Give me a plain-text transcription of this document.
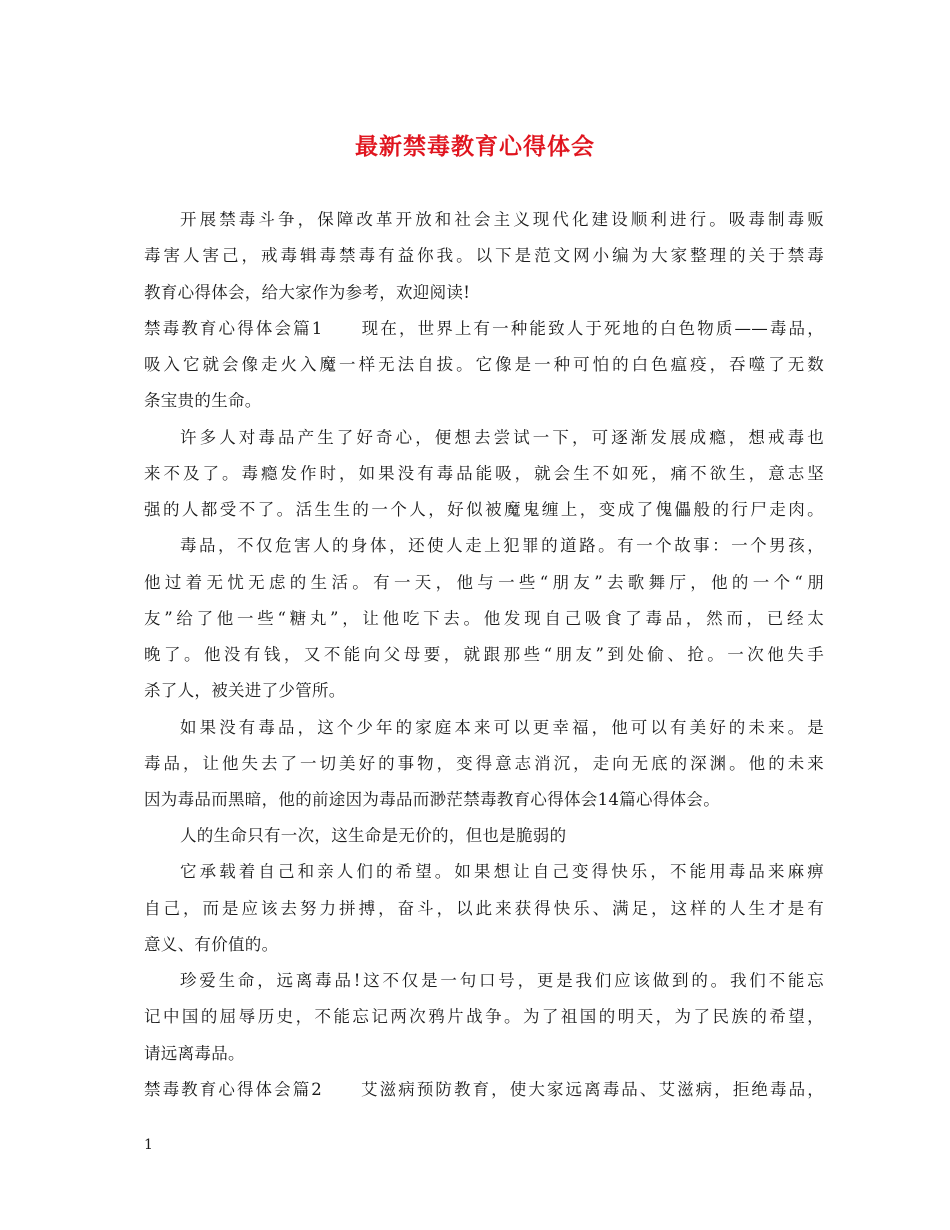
最新禁毒教育心得体会
开展禁毒斗争，保障改革开放和社会主义现代化建设顺利进行。吸毒制毒贩
毒害人害己，戒毒辑毒禁毒有益你我。以下是范文网小编为大家整理的关于禁毒
教育心得体会，给大家作为参考，欢迎阅读!
禁毒教育心得体会篇1　　现在，世界上有一种能致人于死地的白色物质——毒品，
吸入它就会像走火入魔一样无法自拔。它像是一种可怕的白色瘟疫，吞噬了无数
条宝贵的生命。
许多人对毒品产生了好奇心，便想去尝试一下，可逐渐发展成瘾，想戒毒也
来不及了。毒瘾发作时，如果没有毒品能吸，就会生不如死，痛不欲生，意志坚
强的人都受不了。活生生的一个人，好似被魔鬼缠上，变成了傀儡般的行尸走肉。
毒品，不仅危害人的身体，还使人走上犯罪的道路。有一个故事：一个男孩，
他过着无忧无虑的生活。有一天，他与一些“朋友”去歌舞厅，他的一个“朋
友”给了他一些“糖丸”，让他吃下去。他发现自己吸食了毒品，然而，已经太
晚了。他没有钱，又不能向父母要，就跟那些“朋友”到处偷、抢。一次他失手
杀了人，被关进了少管所。
如果没有毒品，这个少年的家庭本来可以更幸福，他可以有美好的未来。是
毒品，让他失去了一切美好的事物，变得意志消沉，走向无底的深渊。他的未来
因为毒品而黑暗，他的前途因为毒品而渺茫禁毒教育心得体会14篇心得体会。
人的生命只有一次，这生命是无价的，但也是脆弱的
它承载着自己和亲人们的希望。如果想让自己变得快乐，不能用毒品来麻痹
自己，而是应该去努力拼搏，奋斗，以此来获得快乐、满足，这样的人生才是有
意义、有价值的。
珍爱生命，远离毒品!这不仅是一句口号，更是我们应该做到的。我们不能忘
记中国的屈辱历史，不能忘记两次鸦片战争。为了祖国的明天，为了民族的希望，
请远离毒品。
禁毒教育心得体会篇2　　艾滋病预防教育，使大家远离毒品、艾滋病，拒绝毒品，
1
